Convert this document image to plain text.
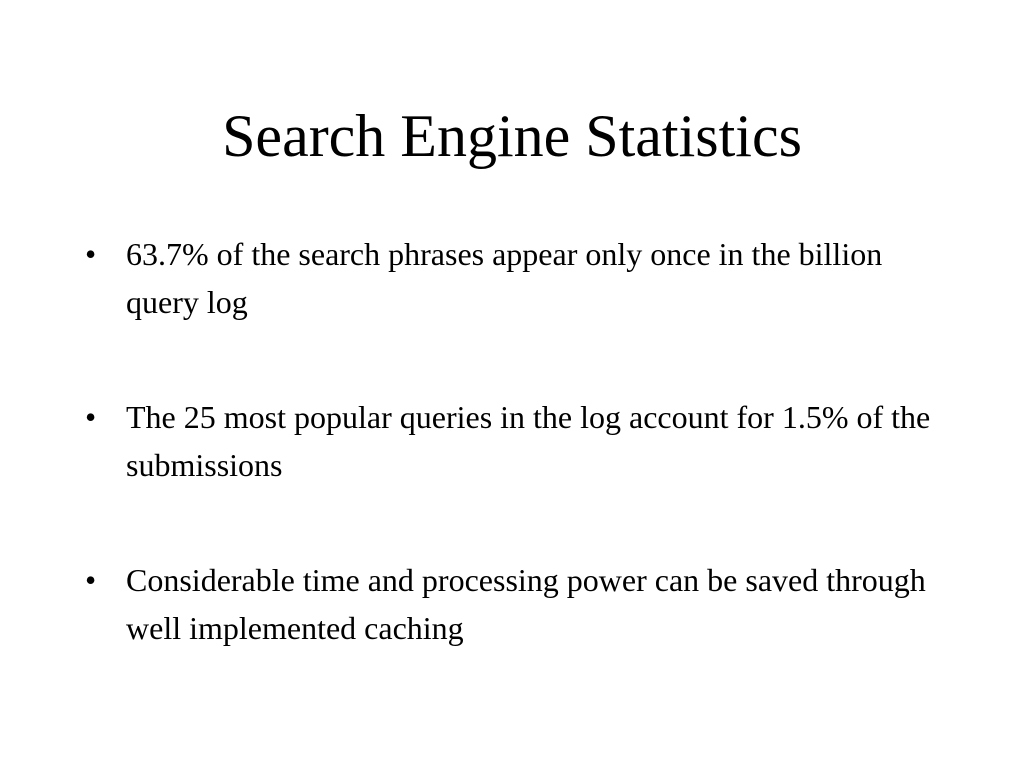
Search Engine Statistics
• 63.7% of the search phrases appear only once in the billion query log
• The 25 most popular queries in the log account for 1.5% of the submissions
• Considerable time and processing power can be saved through well implemented caching
